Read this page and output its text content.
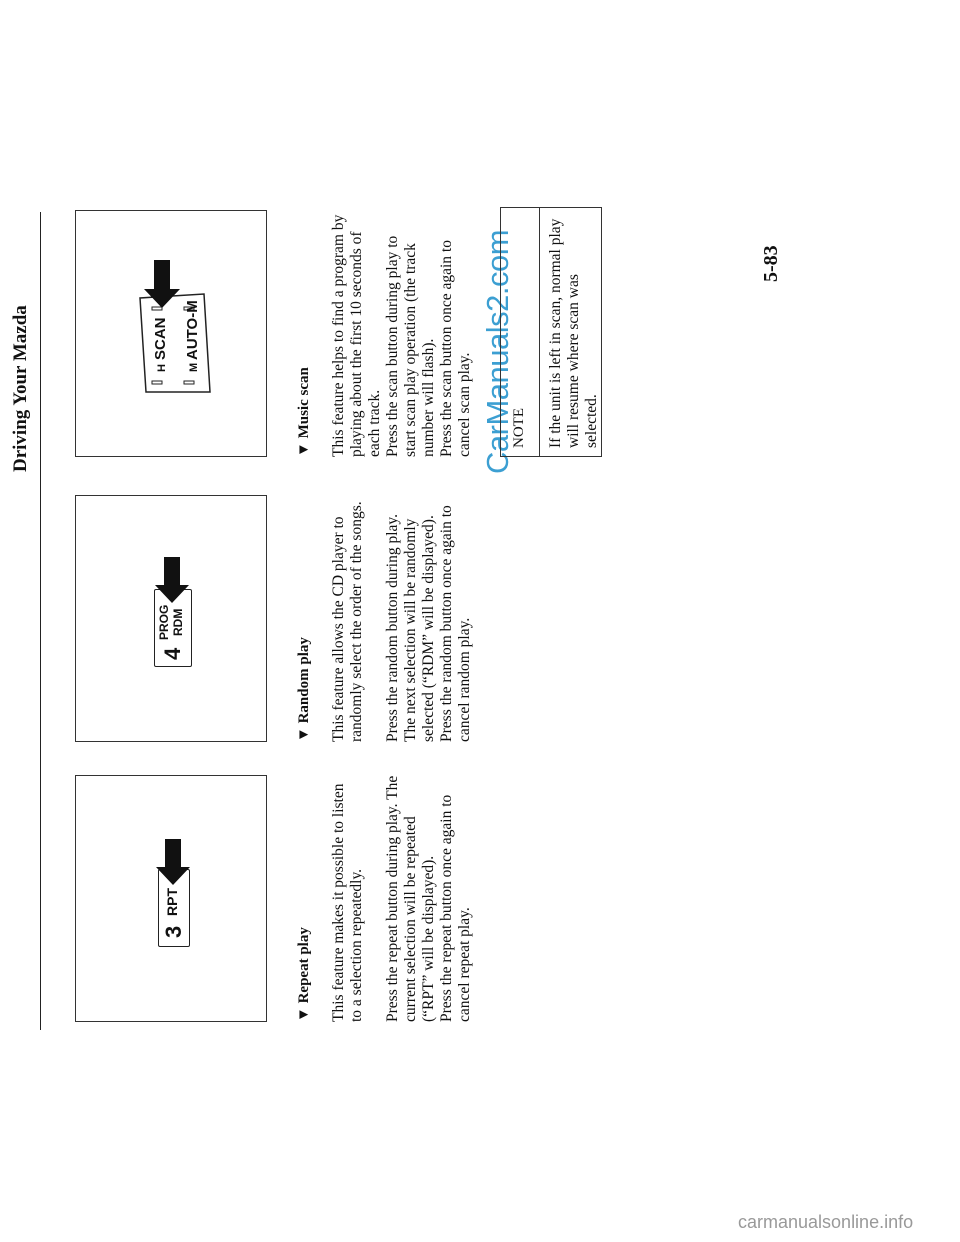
Driving Your Mazda
5-83
CarManuals2.com
3
RPT
4
PROG RDM
H
SCAN
M
AUTO-M
▼ Repeat play This feature makes it possible to listen to a selection repeatedly. Press the repeat button during play. The current selection will be repeated (“RPT” will be displayed). Press the repeat button once again to cancel repeat play.
▼ Random play This feature allows the CD player to randomly select the order of the songs. Press the random button during play. The next selection will be randomly selected (“RDM” will be displayed). Press the random button once again to cancel random play.
▼ Music scan This feature helps to find a program by playing about the first 10 seconds of each track. Press the scan button during play to start scan play operation (the track number will flash). Press the scan button once again to cancel scan play.	NOTE If the unit is left in scan, normal play will resume where scan was selected.
carmanualsonline.info
